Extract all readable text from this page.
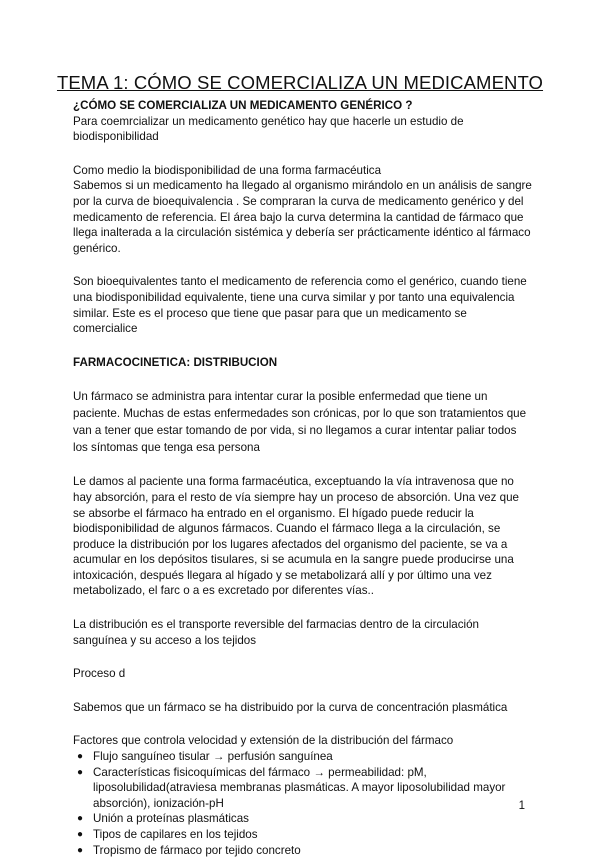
TEMA 1: CÓMO SE COMERCIALIZA UN MEDICAMENTO

¿CÓMO SE COMERCIALIZA UN MEDICAMENTO GENÉRICO ?

Para coemrcializar un medicamento genético hay que hacerle un estudio de biodisponibilidad

Como medio la biodisponibilidad de una forma farmacéutica

Sabemos si un medicamento ha llegado al organismo mirándolo en un análisis de sangre por la curva de bioequivalencia . Se compraran la curva de medicamento genérico y del medicamento de referencia. El área bajo la curva determina la cantidad de fármaco que llega inalterada a la circulación sistémica y debería ser prácticamente idéntico al fármaco genérico.

Son bioequivalentes tanto el medicamento de referencia como el genérico, cuando tiene una biodisponibilidad equivalente, tiene una curva similar y por tanto una equivalencia similar. Este es el proceso que tiene que pasar para que un medicamento se comercialice

FARMACOCINETICA: DISTRIBUCION

Un fármaco se administra para intentar curar la posible enfermedad que tiene un paciente. Muchas de estas enfermedades son crónicas, por lo que son tratamientos que van a tener que estar tomando de por vida, si no llegamos a curar intentar paliar todos los síntomas que tenga esa persona

Le damos al paciente una forma farmacéutica, exceptuando la vía intravenosa que no hay absorción, para el resto de vía siempre hay un proceso de absorción. Una vez que se absorbe el fármaco ha entrado en el organismo. El hígado puede reducir la biodisponibilidad de algunos fármacos. Cuando el fármaco llega a la circulación, se produce la distribución por los lugares afectados del organismo del paciente, se va a acumular en los depósitos tisulares, si se acumula en la sangre puede producirse una intoxicación, después llegara al hígado y se metabolizará allí y por último una vez metabolizado, el farc o a es excretado por diferentes vías..

La distribución es el transporte reversible del farmacias dentro de la circulación sanguínea y su acceso a los tejidos

Proceso d

Sabemos que un fármaco se ha distribuido por la curva de concentración plasmática

Factores que controla velocidad y extensión de la distribución del fármaco

● Flujo sanguíneo tisular → perfusión sanguínea
● Características fisicoquímicas del fármaco → permeabilidad: pM, liposolubilidad(atraviesa membranas plasmáticas. A mayor liposolubilidad mayor absorción), ionización-pH
● Unión a proteínas plasmáticas
● Tipos de capilares en los tejidos
● Tropismo de fármaco por tejido concreto
1
